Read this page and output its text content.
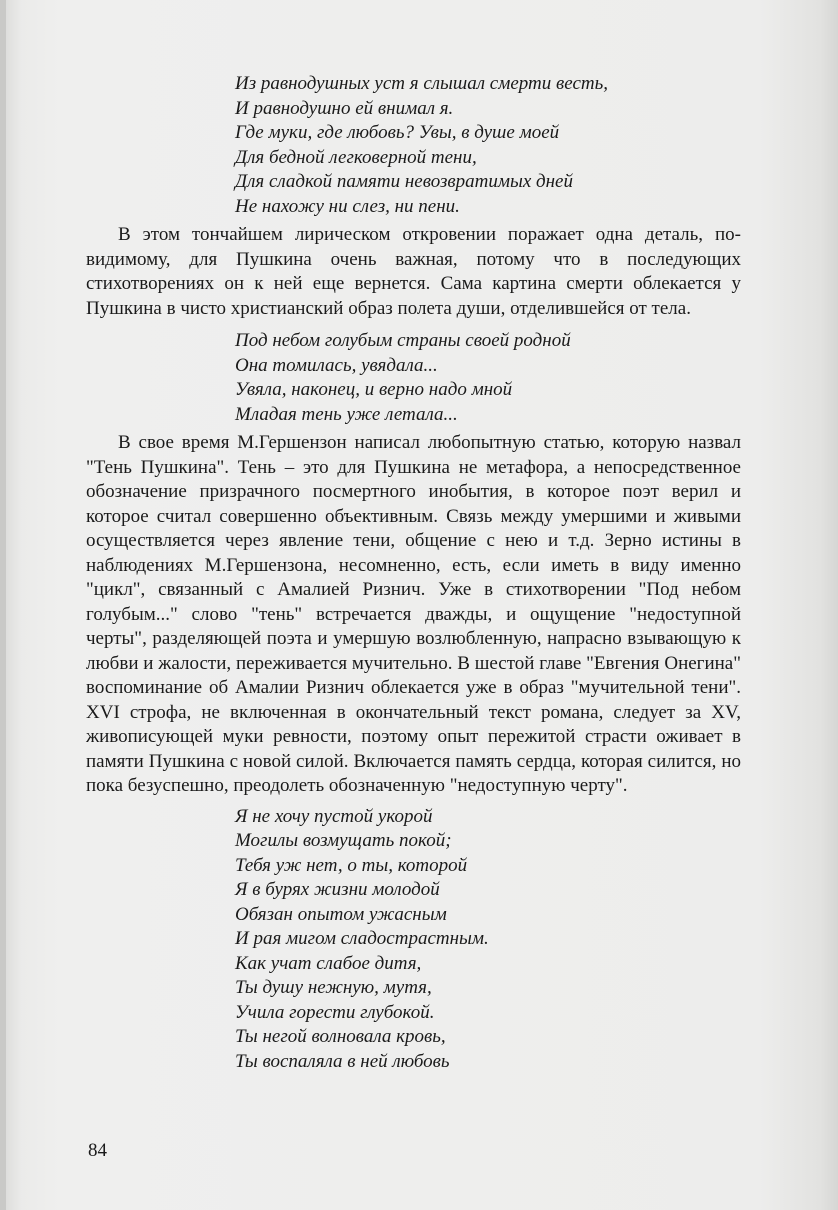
Из равнодушных уст я слышал смерти весть,
И равнодушно ей внимал я.
Где муки, где любовь? Увы, в душе моей
Для бедной легковерной тени,
Для сладкой памяти невозвратимых дней
Не нахожу ни слез, ни пени.

В этом тончайшем лирическом откровении поражает одна деталь, повидимому, для Пушкина очень важная, потому что в последующих стихотворениях он к ней еще вернется. Сама картина смерти облекается у Пушкина в чисто христианский образ полета души, отделившейся от тела.

Под небом голубым страны своей родной
Она томилась, увядала...
Увяла, наконец, и верно надо мной
Младая тень уже летала...

В свое время М.Гершензон написал любопытную статью, которую назвал "Тень Пушкина". Тень – это для Пушкина не метафора, а непосредственное обозначение призрачного посмертного инобытия, в которое поэт верил и которое считал совершенно объективным. Связь между умершими и живыми осуществляется через явление тени, общение с нею и т.д. Зерно истины в наблюдениях М.Гершензона, несомненно, есть, если иметь в виду именно "цикл", связанный с Амалией Ризнич. Уже в стихотворении "Под небом голубым..." слово "тень" встречается дважды, и ощущение "недоступной черты", разделяющей поэта и умершую возлюбленную, напрасно взывающую к любви и жалости, переживается мучительно. В шестой главе "Евгения Онегина" воспоминание об Амалии Ризнич облекается уже в образ "мучительной тени". XVI строфа, не включенная в окончательный текст романа, следует за XV, живописующей муки ревности, поэтому опыт пережитой страсти оживает в памяти Пушкина с новой силой. Включается память сердца, которая силится, но пока безуспешно, преодолеть обозначенную "недоступную черту".

Я не хочу пустой укорой
Могилы возмущать покой;
Тебя уж нет, о ты, которой
Я в бурях жизни молодой
Обязан опытом ужасным
И рая мигом сладострастным.
Как учат слабое дитя,
Ты душу нежную, мутя,
Учила горести глубокой.
Ты негой волновала кровь,
Ты воспаляла в ней любовь
84
